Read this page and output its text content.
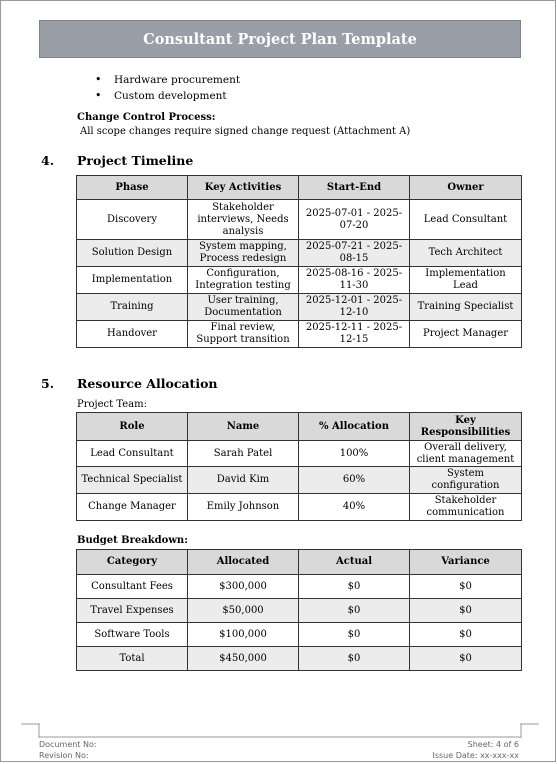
Consultant Project Plan Template
• Hardware procurement
• Custom development
Change Control Process:
All scope changes require signed change request (Attachment A)
4. Project Timeline
Phase	Key Activities	Start-End	Owner
Discovery	Stakeholder interviews, Needs analysis	2025-07-01 - 2025-07-20	Lead Consultant
Solution Design	System mapping, Process redesign	2025-07-21 - 2025-08-15	Tech Architect
Implementation	Configuration, Integration testing	2025-08-16 - 2025-11-30	Implementation Lead
Training	User training, Documentation	2025-12-01 - 2025-12-10	Training Specialist
Handover	Final review, Support transition	2025-12-11 - 2025-12-15	Project Manager
5. Resource Allocation
Project Team:
Role	Name	% Allocation	Key Responsibilities
Lead Consultant	Sarah Patel	100%	Overall delivery, client management
Technical Specialist	David Kim	60%	System configuration
Change Manager	Emily Johnson	40%	Stakeholder communication
Budget Breakdown:
Category	Allocated	Actual	Variance
Consultant Fees	$300,000	$0	$0
Travel Expenses	$50,000	$0	$0
Software Tools	$100,000	$0	$0
Total	$450,000	$0	$0
Document No:
Revision No:
Sheet: 4 of 6
Issue Date: xx-xxx-xx
